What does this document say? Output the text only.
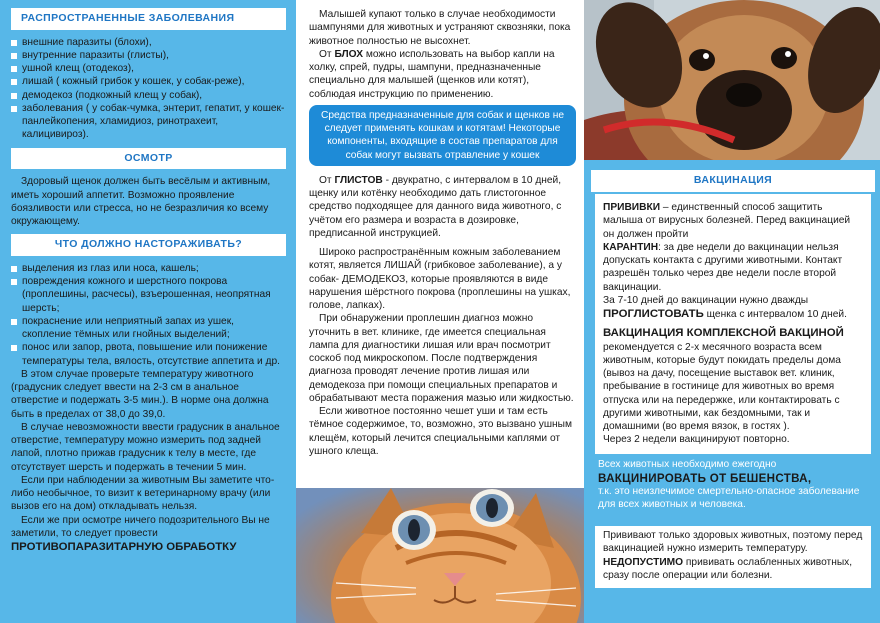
РАСПРОСТРАНЕННЫЕ ЗАБОЛЕВАНИЯ
внешние паразиты (блохи),
внутренние паразиты (глисты),
ушной клещ (отодекоз),
лишай ( кожный грибок у кошек, у собак-реже),
демодекоз (подкожный клещ у собак),
заболевания ( у собак-чумка, энтерит, гепатит, у кошек-панлейкопения, хламидиоз, ринотрахеит, калицивироз).
ОСМОТР

Здоровый щенок должен быть весёлым и активным, иметь хороший аппетит. Возможно проявление боязливости или стресса, но не безразличия ко всему окружающему.

ЧТО ДОЛЖНО НАСТОРАЖИВАТЬ?
выделения из глаз или носа, кашель;
повреждения кожного и шерстного покрова (проплешины, расчесы), взъерошенная, неопрятная шерсть;
покраснение или неприятный запах из ушек, скопление тёмных или гнойных выделений;
понос или запор, рвота, повышение или понижение температуры тела, вялость, отсутствие аппетита и др.

В этом случае проверьте температуру животного (градусник следует ввести на 2-3 см в анальное отверстие и подержать 3-5 мин.). В норме она должна быть в пределах от 38,0 до 39,0.

В случае невозможности ввести градусник в анальное отверстие, температуру можно измерить под задней лапой, плотно прижав градусник к телу в месте, где отсутствует шерсть и подержать в течении 5 мин.

Если при наблюдении за животным Вы заметите что-либо необычное, то визит к ветеринарному врачу (или вызов его на дом) откладывать нельзя.

Если же при осмотре ничего подозрительного Вы не заметили, то следует провести ПРОТИВОПАРАЗИТАРНУЮ ОБРАБОТКУ

Малышей купают только в случае необходимости шампунями для животных и устраняют сквозняки, пока животное полностью не высохнет.

От БЛОХ можно использовать на выбор капли на холку, спрей, пудры, шампуни, предназначенные специально для малышей (щенков или котят), соблюдая инструкцию по применению.

Средства предназначенные для собак и щенков не следует применять кошкам и котятам! Некоторые компоненты, входящие в состав препаратов для собак могут вызвать отравление у кошек

От ГЛИСТОВ - двукратно, с интервалом в 10 дней, щенку или котёнку необходимо дать глистогонное средство подходящее для данного вида животного, с учётом его размера и возраста в дозировке, предписанной инструкцией.

Широко распространённым кожным заболеванием котят, является ЛИШАЙ (грибковое заболевание), а у собак- ДЕМОДЕКОЗ, которые проявляются в виде нарушения шёрстного покрова (проплешины на ушках, голове, лапках).

При обнаружении проплешин диагноз можно уточнить в вет. клинике, где имеется специальная лампа для диагностики лишая или врач посмотрит соскоб под микроскопом. После подтверждения диагноза проводят лечение против лишая или демодекоза при помощи специальных препаратов и обрабатывают места поражения мазью или жидкостью.

Если животное постоянно чешет уши и там есть тёмное содержимое, то, возможно, это вызвано ушным клещём, который лечится специальными каплями от ушного клеща.

ВАКЦИНАЦИЯ

ПРИВИВКИ – единственный способ защитить малыша от вирусных болезней. Перед вакцинацией он должен пройти

КАРАНТИН: за две недели до вакцинации нельзя допускать контакта с другими животными. Контакт разрешён только через две недели после второй вакцинации.

За 7-10 дней до вакцинации нужно дважды ПРОГЛИСТОВАТЬ щенка с интервалом 10 дней.

ВАКЦИНАЦИЯ КОМПЛЕКСНОЙ ВАКЦИНОЙ
рекомендуется с 2-х месячного возраста всем животным, которые будут покидать пределы дома (вывоз на дачу, посещение выставок вет. клиник, пребывание в гостинице для животных во время отпуска или на передержке, или контактировать с другими животными, как бездомными, так и домашними (во время вязок, в гостях ).

Через 2 недели вакцинируют повторно.

Всех животных необходимо ежегодно
ВАКЦИНИРОВАТЬ ОТ БЕШЕНСТВА,
т.к. это неизлечимое смертельно-опасное заболевание для всех животных и человека.

Прививают только здоровых животных, поэтому перед вакцинацией нужно измерить температуру.

НЕДОПУСТИМО прививать ослабленных животных, сразу после операции или болезни.
